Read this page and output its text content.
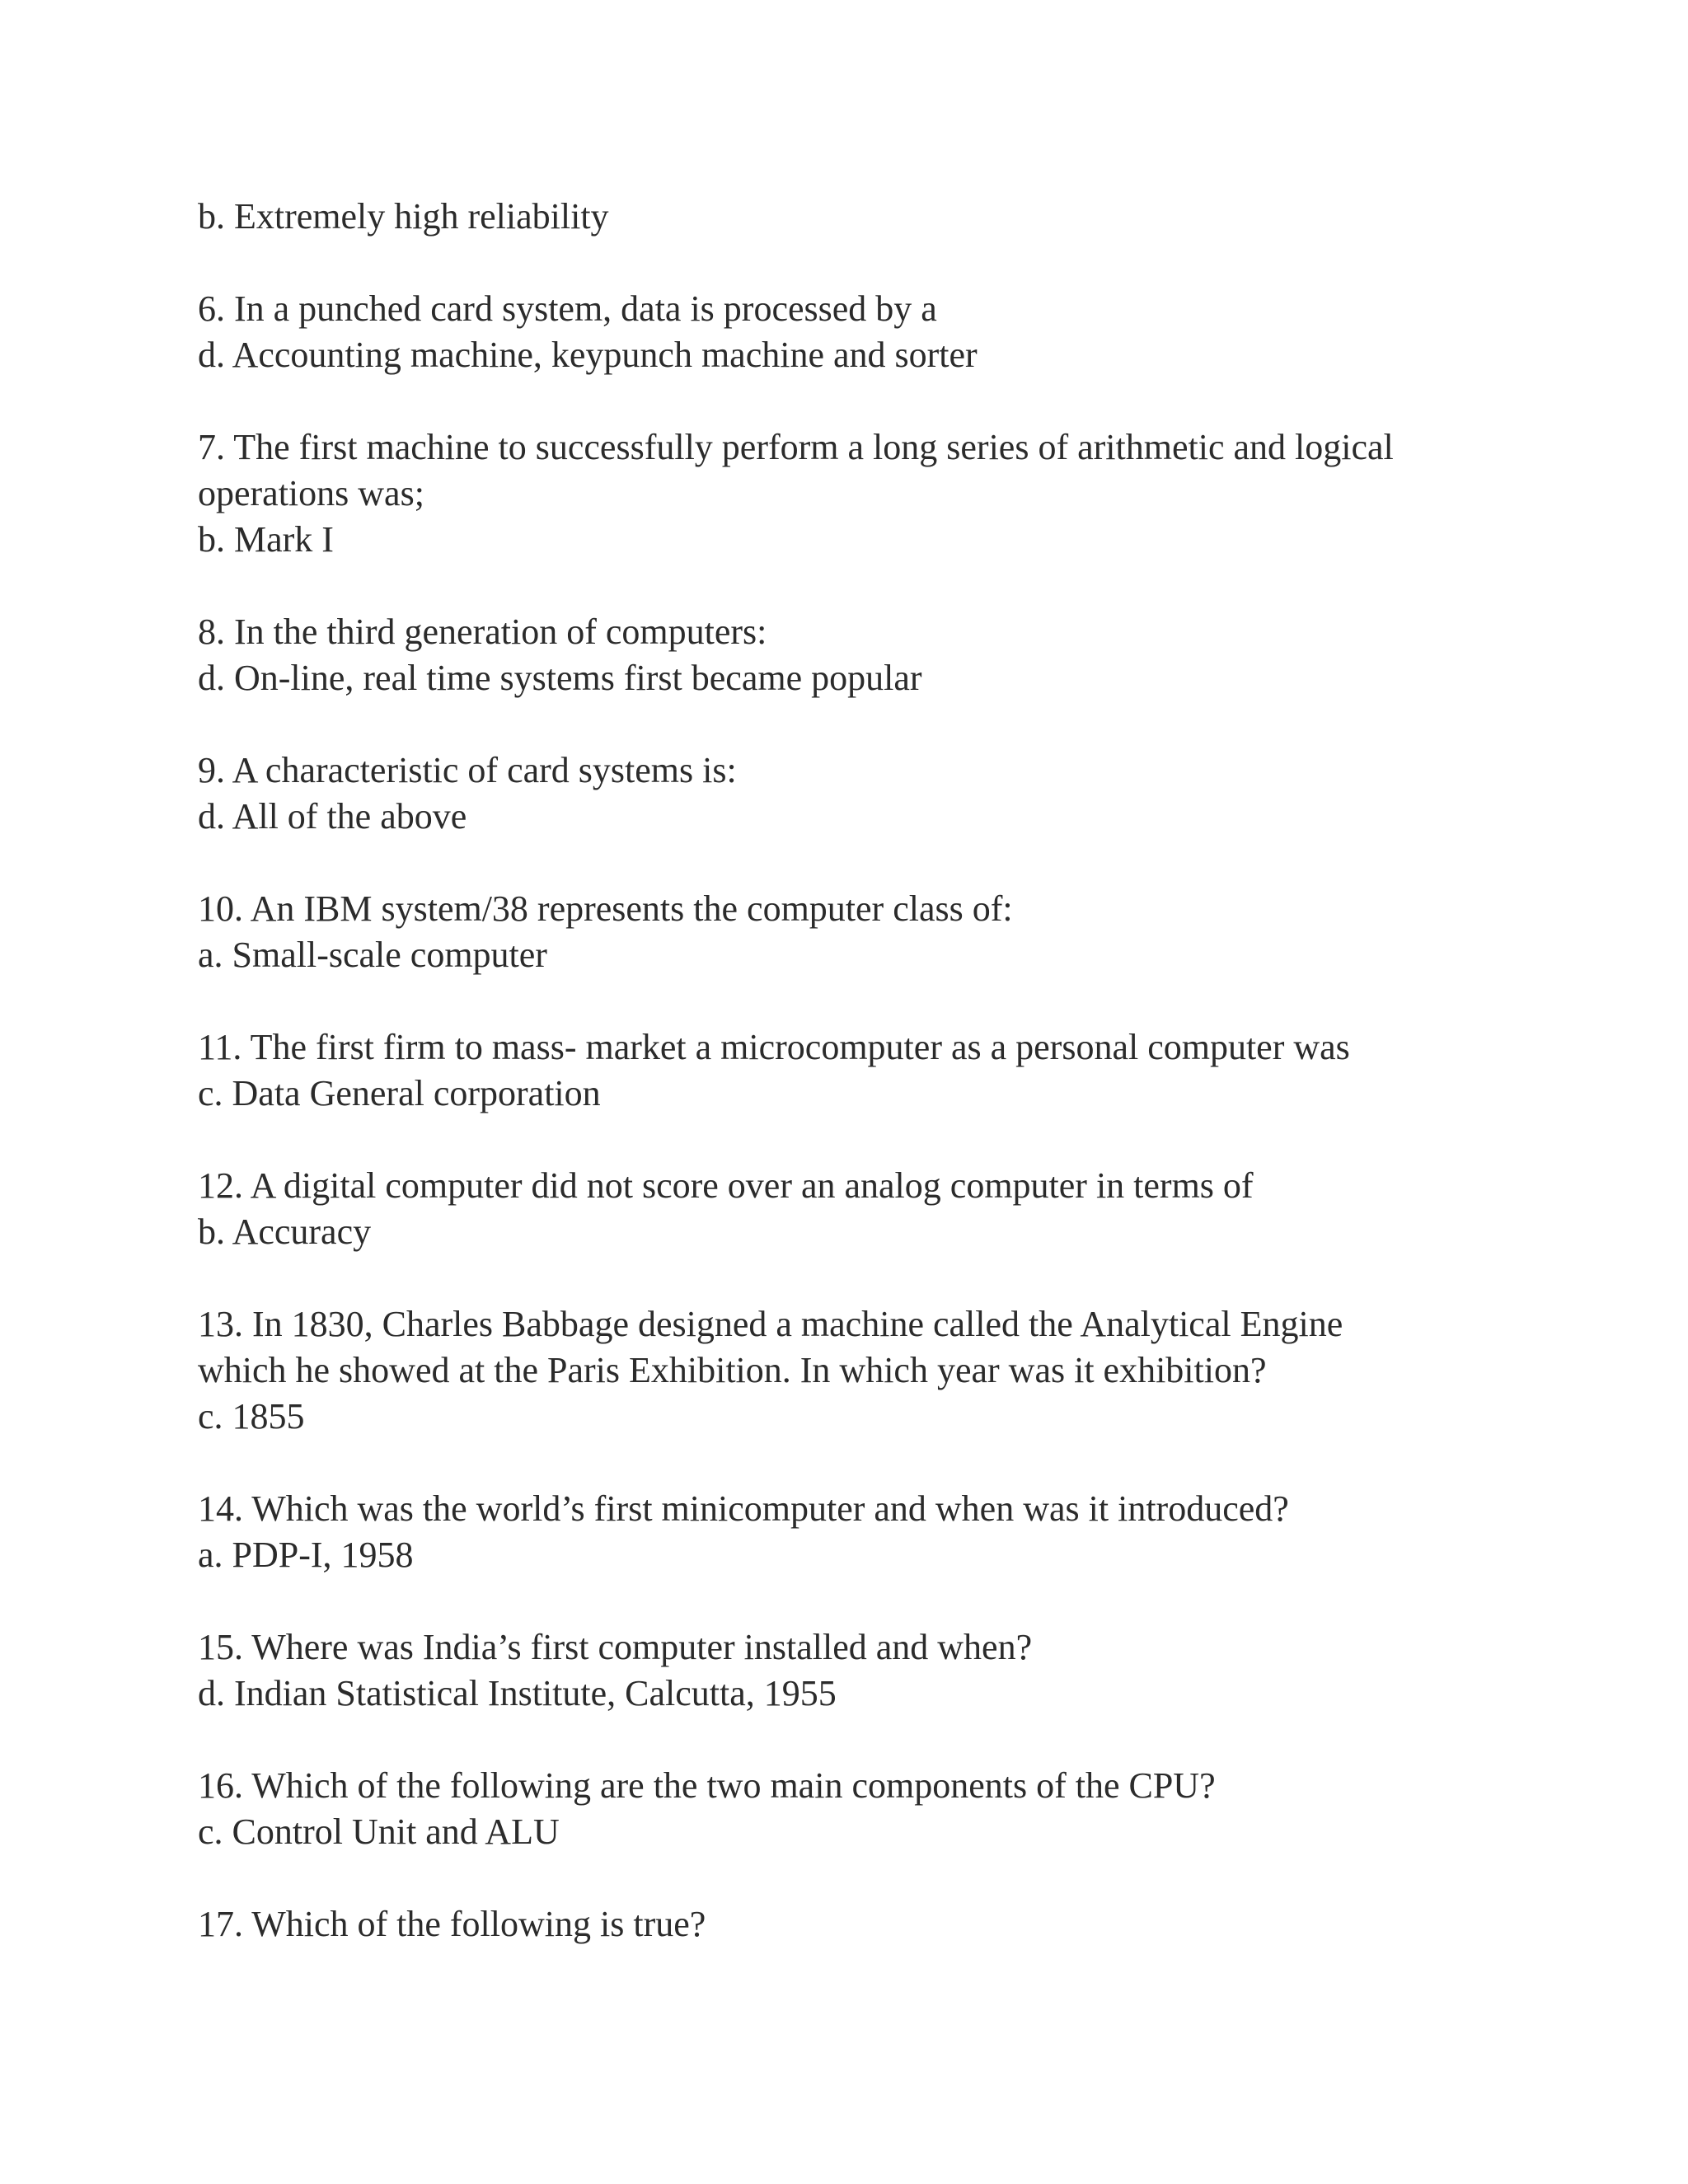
b. Extremely high reliability
6. In a punched card system, data is processed by a
d. Accounting machine, keypunch machine and sorter
7. The first machine to successfully perform a long series of arithmetic and logical
operations was;
b. Mark I
8. In the third generation of computers:
d. On-line, real time systems first became popular
9. A characteristic of card systems is:
d. All of the above
10. An IBM system/38 represents the computer class of:
a. Small-scale computer
11. The first firm to mass- market a microcomputer as a personal computer was
c. Data General corporation
12. A digital computer did not score over an analog computer in terms of
b. Accuracy
13. In 1830, Charles Babbage designed a machine called the Analytical Engine
which he showed at the Paris Exhibition. In which year was it exhibition?
c. 1855
14. Which was the world’s first minicomputer and when was it introduced?
a. PDP-I, 1958
15. Where was India’s first computer installed and when?
d. Indian Statistical Institute, Calcutta, 1955
16. Which of the following are the two main components of the CPU?
c. Control Unit and ALU
17. Which of the following is true?
